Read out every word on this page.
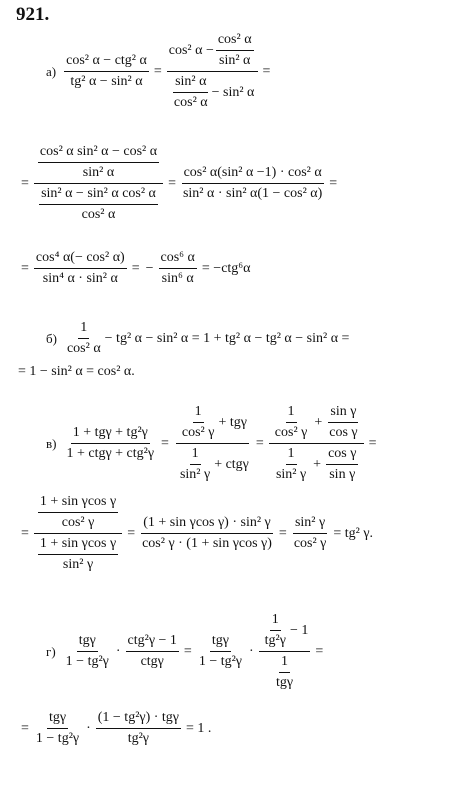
921.
а)
cos² α − ctg² α
tg² α − sin² α
= cos² $\alpha - \frac{\text{cos² α}}{\text{sin² α}}$
sin² α
cos² α
− sin² α =
= cos² α sin² α − cos² α
sin² α
sin² α − sin² α cos² α
cos² $\alpha = \frac{\text{cos² α(sin² α −1) · cos² α}}{\text{sin² α · sin² α(1 − cos² α)}}$ =
= $\frac{\text{cos⁴ α(− cos² α)}}{\text{sin⁴ α · sin² α}}$ = − $\frac{\text{cos⁶ α}}{\text{sin⁶ α}} = -ctg^6\alpha$
б)
1
cos² α
− tg² α − sin² α = 1 + tg² α − tg² α − sin² α =
= 1 − sin² α = cos² α.
в)
1 + tgγ + tg²γ
1 + ctgγ + ctg²γ
=
1
cos² γ
+ tgγ
1
sin² γ
+ ctgγ
=
1
cos² γ
+ $\frac{\text{sin γ}}{\text{cos γ}}$
1
sin² γ
+ $\frac{\text{cos γ}}{\text{sin γ}}$
=
= 1 + sin γcos γ
cos² γ
1 + sin γcos γ
sin² $\gamma = \frac{\text{(1 + sin γcos γ) · sin² γ}}{\text{cos² γ · (1 + sin γcos γ)}} = \frac{\text{sin² γ}}{\text{cos² γ}} = tg^2$ γ.
г)
tgγ
1 − tg²γ
·
ctg²γ − 1
ctgγ
=
tgγ
1 − tg²γ
·
1
tg²γ
− 1
1
tgγ
=
=
tgγ
1 − tg²γ
·
(1 − tg²γ) · tgγ
tg²γ
= 1 .
